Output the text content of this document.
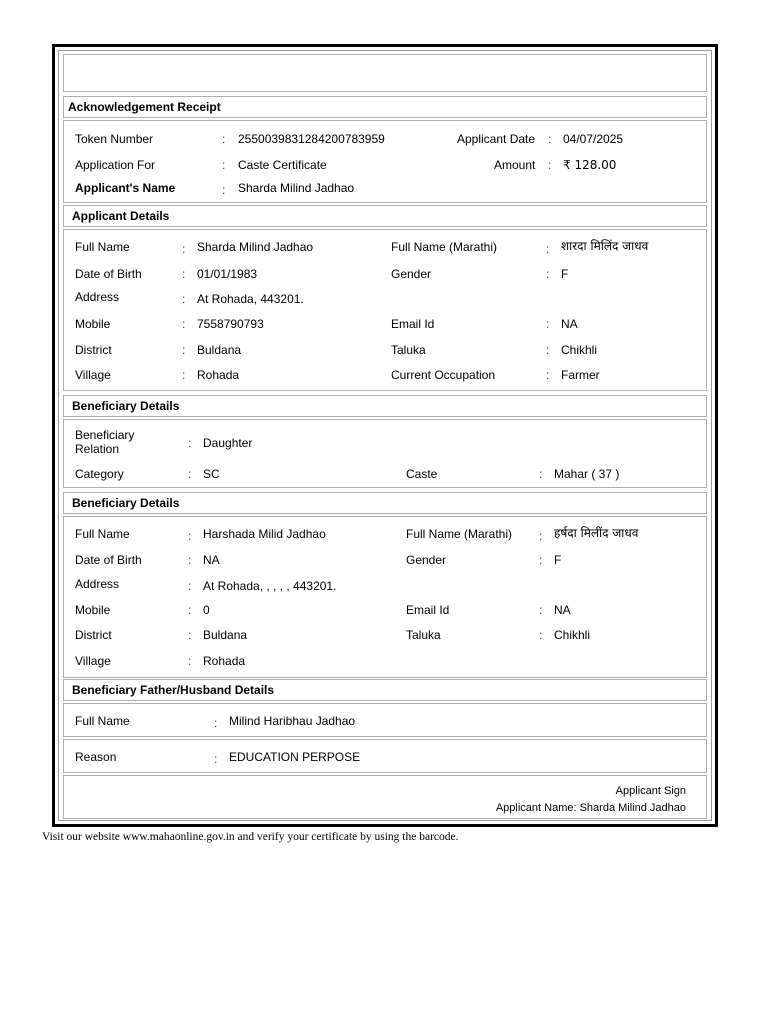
Acknowledgement Receipt
Token Number	: 255003983128420078395​9	Applicant Date : 04/07/2025
Application For	: Caste Certificate	Amount : ₹ 128.00
Applicant's Name	: Sharda Milind Jadhao
Applicant Details
Full Name	: Sharda Milind Jadhao	Full Name (Marathi)	: शारदा मिलिंद जाधव
Date of Birth	: 01/01/1983	Gender	: F
Address	: At Rohada, 443201.
Mobile	: 7558790793	Email Id	: NA
District	: Buldana	Taluka	: Chikhli
Village	: Rohada	Current Occupation	: Farmer
Beneficiary Details
Beneficiary
Relation	: Daughter
Category	: SC	Caste	: Mahar ( 37 )
Beneficiary Details
Full Name	: Harshada Milid Jadhao	Full Name (Marathi) : हर्षदा मिलींद जाधव
Date of Birth	: NA	Gender	: F
Address	: At Rohada, , , , , 443201.
Mobile	: 0	Email Id	: NA
District	: Buldana	Taluka	: Chikhli
Village	: Rohada
Beneficiary Father/Husband Details
Full Name	: Milind Haribhau Jadhao
Reason	: EDUCATION PERPOSE
Applicant Sign
Applicant Name: Sharda Milind Jadhao
Visit our website www.mahaonline.gov.in and verify your certificate by using the barcode.
